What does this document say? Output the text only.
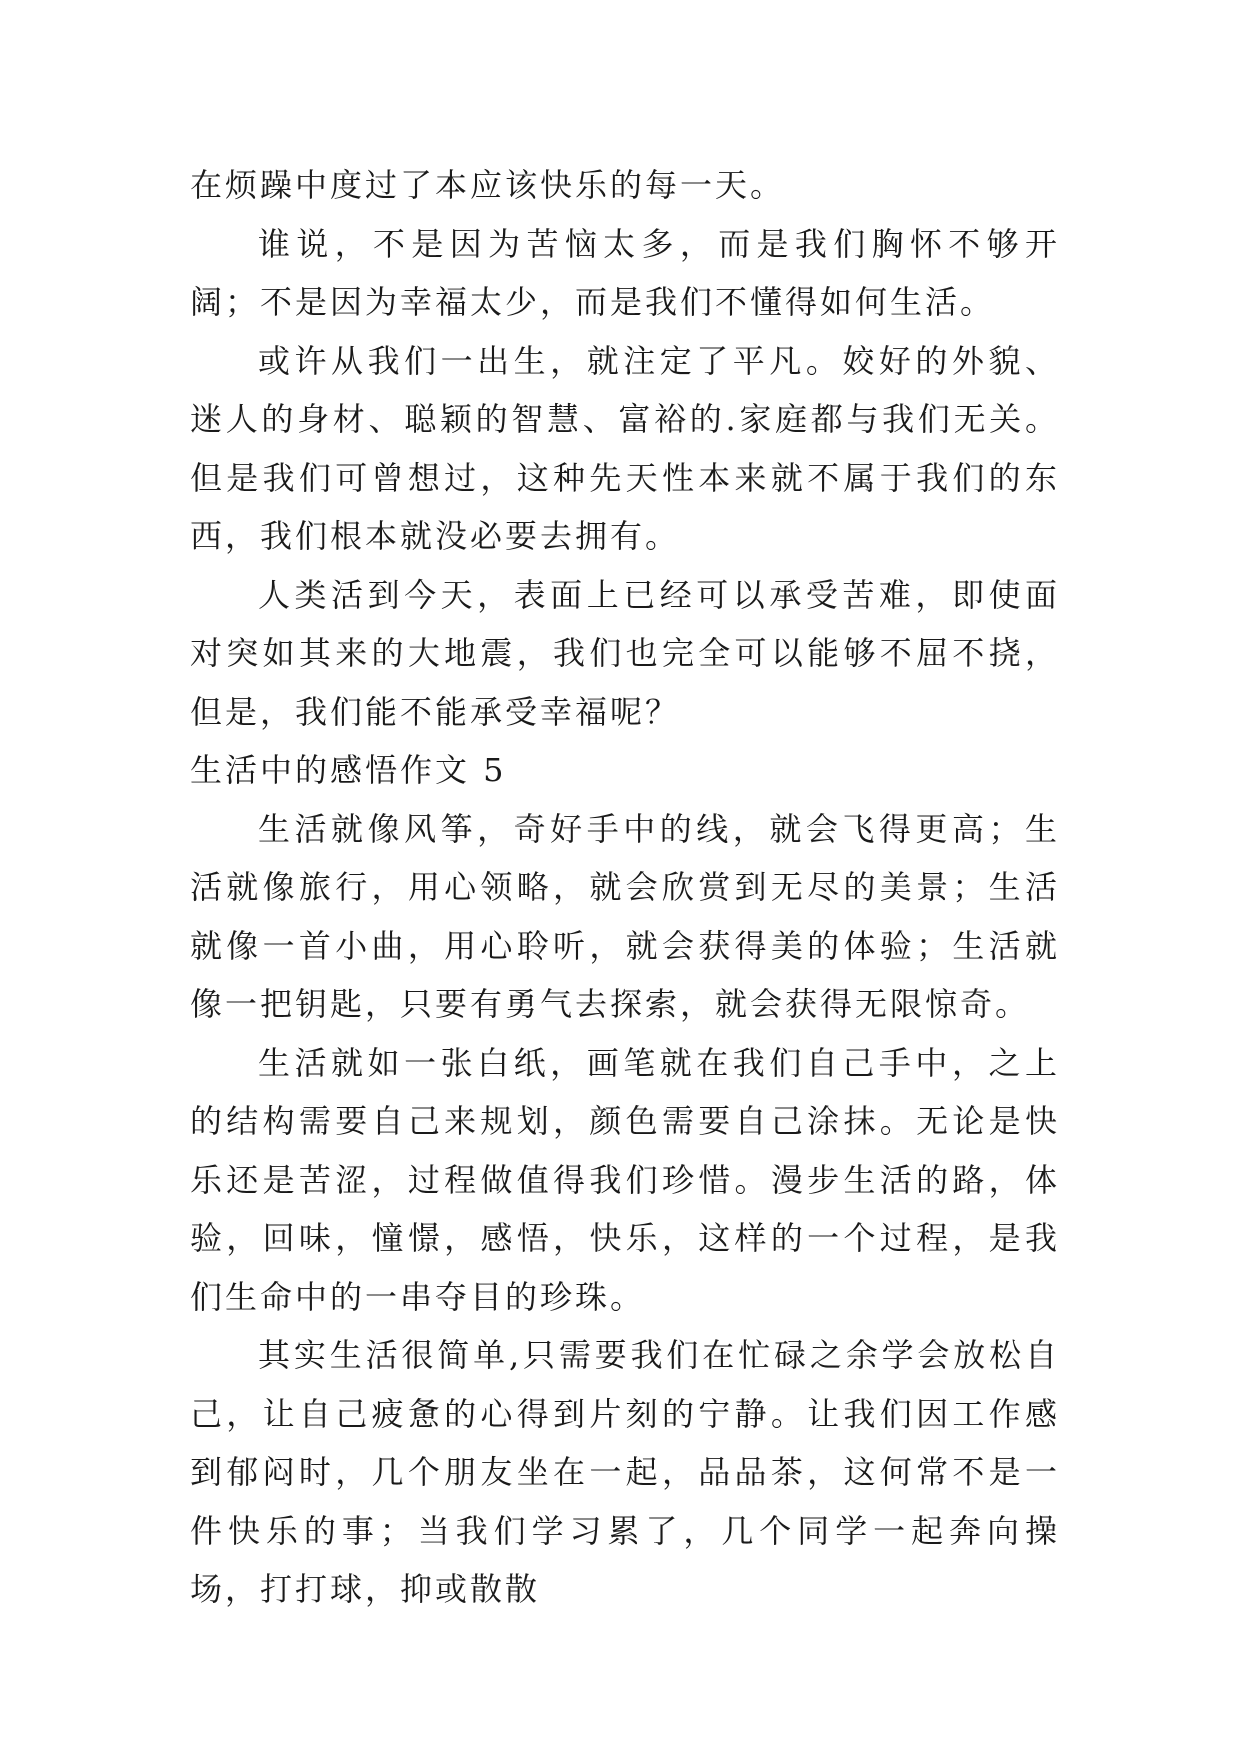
在烦躁中度过了本应该快乐的每一天。

谁说，不是因为苦恼太多，而是我们胸怀不够开阔；不是因为幸福太少，而是我们不懂得如何生活。

或许从我们一出生，就注定了平凡。姣好的外貌、迷人的身材、聪颖的智慧、富裕的.家庭都与我们无关。但是我们可曾想过，这种先天性本来就不属于我们的东西，我们根本就没必要去拥有。

人类活到今天，表面上已经可以承受苦难，即使面对突如其来的大地震，我们也完全可以能够不屈不挠，但是，我们能不能承受幸福呢？

生活中的感悟作文 5

生活就像风筝，奇好手中的线，就会飞得更高；生活就像旅行，用心领略，就会欣赏到无尽的美景；生活就像一首小曲，用心聆听，就会获得美的体验；生活就像一把钥匙，只要有勇气去探索，就会获得无限惊奇。

生活就如一张白纸，画笔就在我们自己手中，之上的结构需要自己来规划，颜色需要自己涂抹。无论是快乐还是苦涩，过程做值得我们珍惜。漫步生活的路，体验，回味，憧憬，感悟，快乐，这样的一个过程，是我们生命中的一串夺目的珍珠。

其实生活很简单,只需要我们在忙碌之余学会放松自己，让自己疲惫的心得到片刻的宁静。让我们因工作感到郁闷时，几个朋友坐在一起，品品茶，这何常不是一件快乐的事；当我们学习累了，几个同学一起奔向操场，打打球，抑或散散
